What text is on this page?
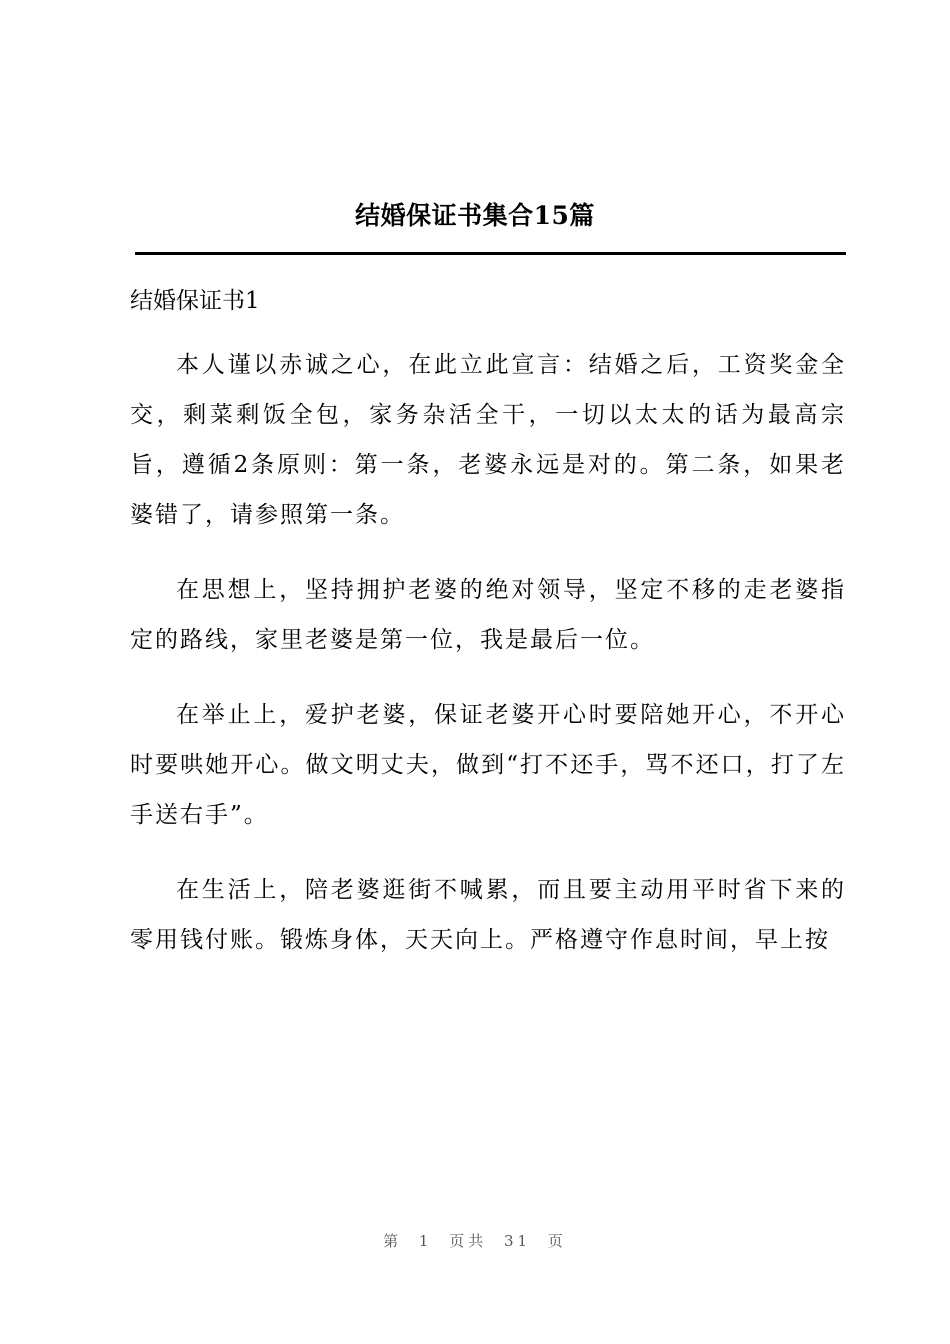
结婚保证书集合15篇
结婚保证书1

本人谨以赤诚之心，在此立此宣言：结婚之后，工资奖金全交，剩菜剩饭全包，家务杂活全干，一切以太太的话为最高宗旨，遵循2条原则：第一条，老婆永远是对的。第二条，如果老婆错了，请参照第一条。

在思想上，坚持拥护老婆的绝对领导，坚定不移的走老婆指定的路线，家里老婆是第一位，我是最后一位。

在举止上，爱护老婆，保证老婆开心时要陪她开心，不开心时要哄她开心。做文明丈夫，做到“打不还手，骂不还口，打了左手送右手”。

在生活上，陪老婆逛街不喊累，而且要主动用平时省下来的零用钱付账。锻炼身体，天天向上。严格遵守作息时间，早上按

第 1 页共 31 页
